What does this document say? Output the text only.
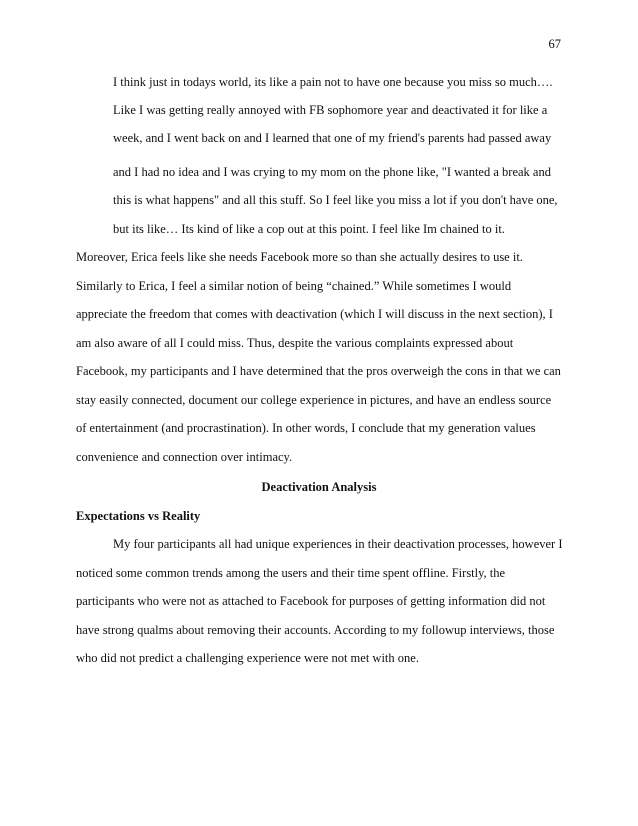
67
I think just in todays world, its like a pain not to have one because you miss so much….
Like I was getting really annoyed with FB sophomore year and deactivated it for like a
week, and I went back on and I learned that one of my friend's parents had passed away
and I had no idea and I was crying to my mom on the phone like, "I wanted a break and
this is what happens" and all this stuff. So I feel like you miss a lot if you don't have one,
but its like… Its kind of like a cop out at this point. I feel like Im chained to it.
Moreover, Erica feels like she needs Facebook more so than she actually desires to use it.
Similarly to Erica, I feel a similar notion of being “chained.” While sometimes I would
appreciate the freedom that comes with deactivation (which I will discuss in the next section), I
am also aware of all I could miss. Thus, despite the various complaints expressed about
Facebook, my participants and I have determined that the pros overweigh the cons in that we can
stay easily connected, document our college experience in pictures, and have an endless source
of entertainment (and procrastination). In other words, I conclude that my generation values
convenience and connection over intimacy.
Deactivation Analysis
Expectations vs Reality
My four participants all had unique experiences in their deactivation processes, however I
noticed some common trends among the users and their time spent offline. Firstly, the
participants who were not as attached to Facebook for purposes of getting information did not
have strong qualms about removing their accounts. According to my followup interviews, those
who did not predict a challenging experience were not met with one.
